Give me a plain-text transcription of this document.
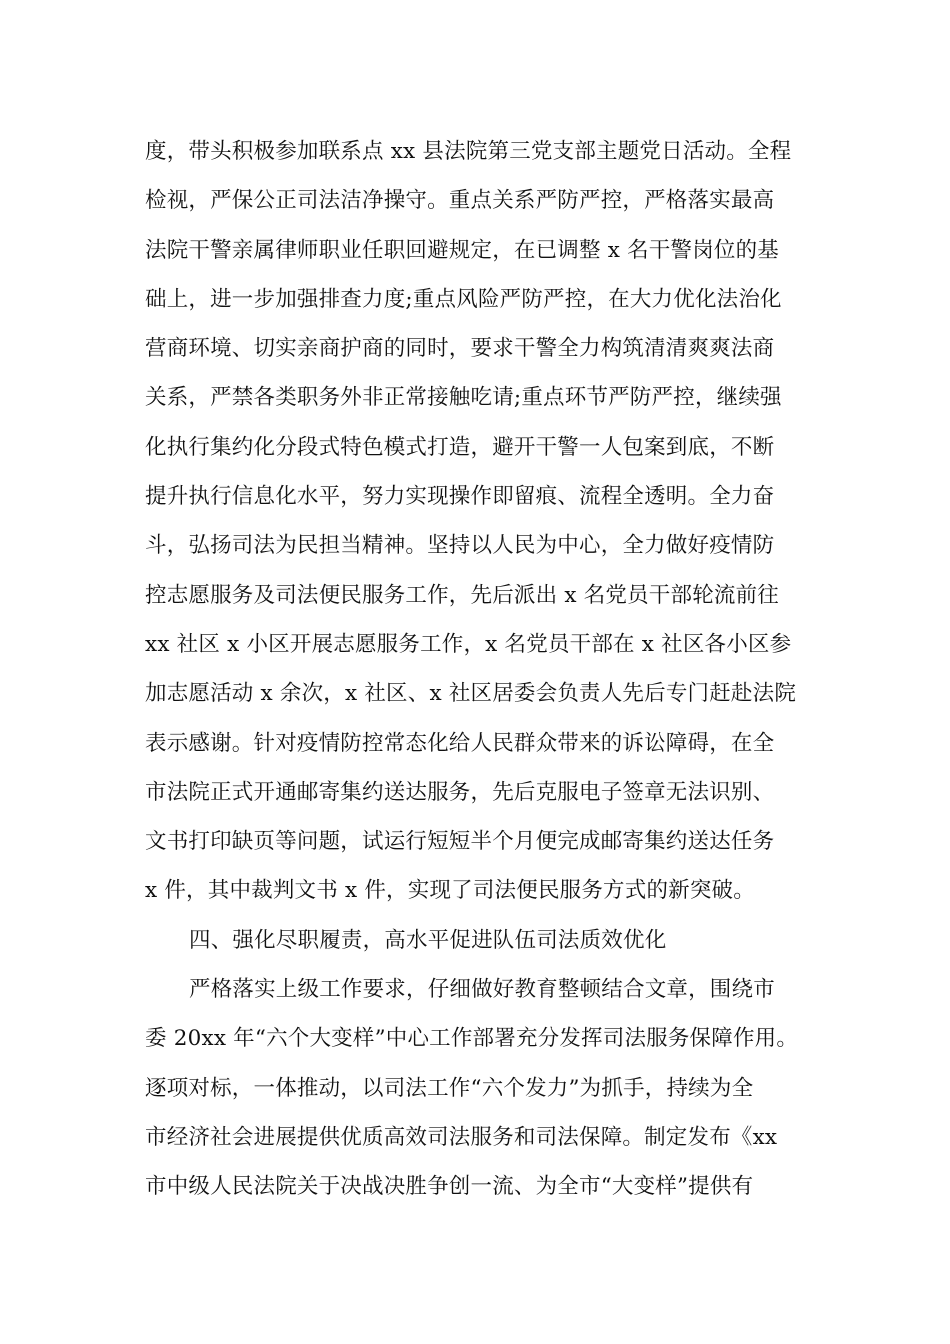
度，带头积极参加联系点 xx 县法院第三党支部主题党日活动。全程
检视，严保公正司法洁净操守。重点关系严防严控，严格落实最高
法院干警亲属律师职业任职回避规定，在已调整 x 名干警岗位的基
础上，进一步加强排查力度;重点风险严防严控，在大力优化法治化
营商环境、切实亲商护商的同时，要求干警全力构筑清清爽爽法商
关系，严禁各类职务外非正常接触吃请;重点环节严防严控，继续强
化执行集约化分段式特色模式打造，避开干警一人包案到底，不断
提升执行信息化水平，努力实现操作即留痕、流程全透明。全力奋
斗，弘扬司法为民担当精神。坚持以人民为中心，全力做好疫情防
控志愿服务及司法便民服务工作，先后派出 x 名党员干部轮流前往
xx 社区 x 小区开展志愿服务工作，x 名党员干部在 x 社区各小区参
加志愿活动 x 余次，x 社区、x 社区居委会负责人先后专门赶赴法院
表示感谢。针对疫情防控常态化给人民群众带来的诉讼障碍，在全
市法院正式开通邮寄集约送达服务，先后克服电子签章无法识别、
文书打印缺页等问题，试运行短短半个月便完成邮寄集约送达任务
x 件，其中裁判文书 x 件，实现了司法便民服务方式的新突破。
四、强化尽职履责，高水平促进队伍司法质效优化
严格落实上级工作要求，仔细做好教育整顿结合文章，围绕市
委 20xx 年“六个大变样”中心工作部署充分发挥司法服务保障作用。
逐项对标，一体推动，以司法工作“六个发力”为抓手，持续为全
市经济社会进展提供优质高效司法服务和司法保障。制定发布《xx
市中级人民法院关于决战决胜争创一流、为全市“大变样”提供有
